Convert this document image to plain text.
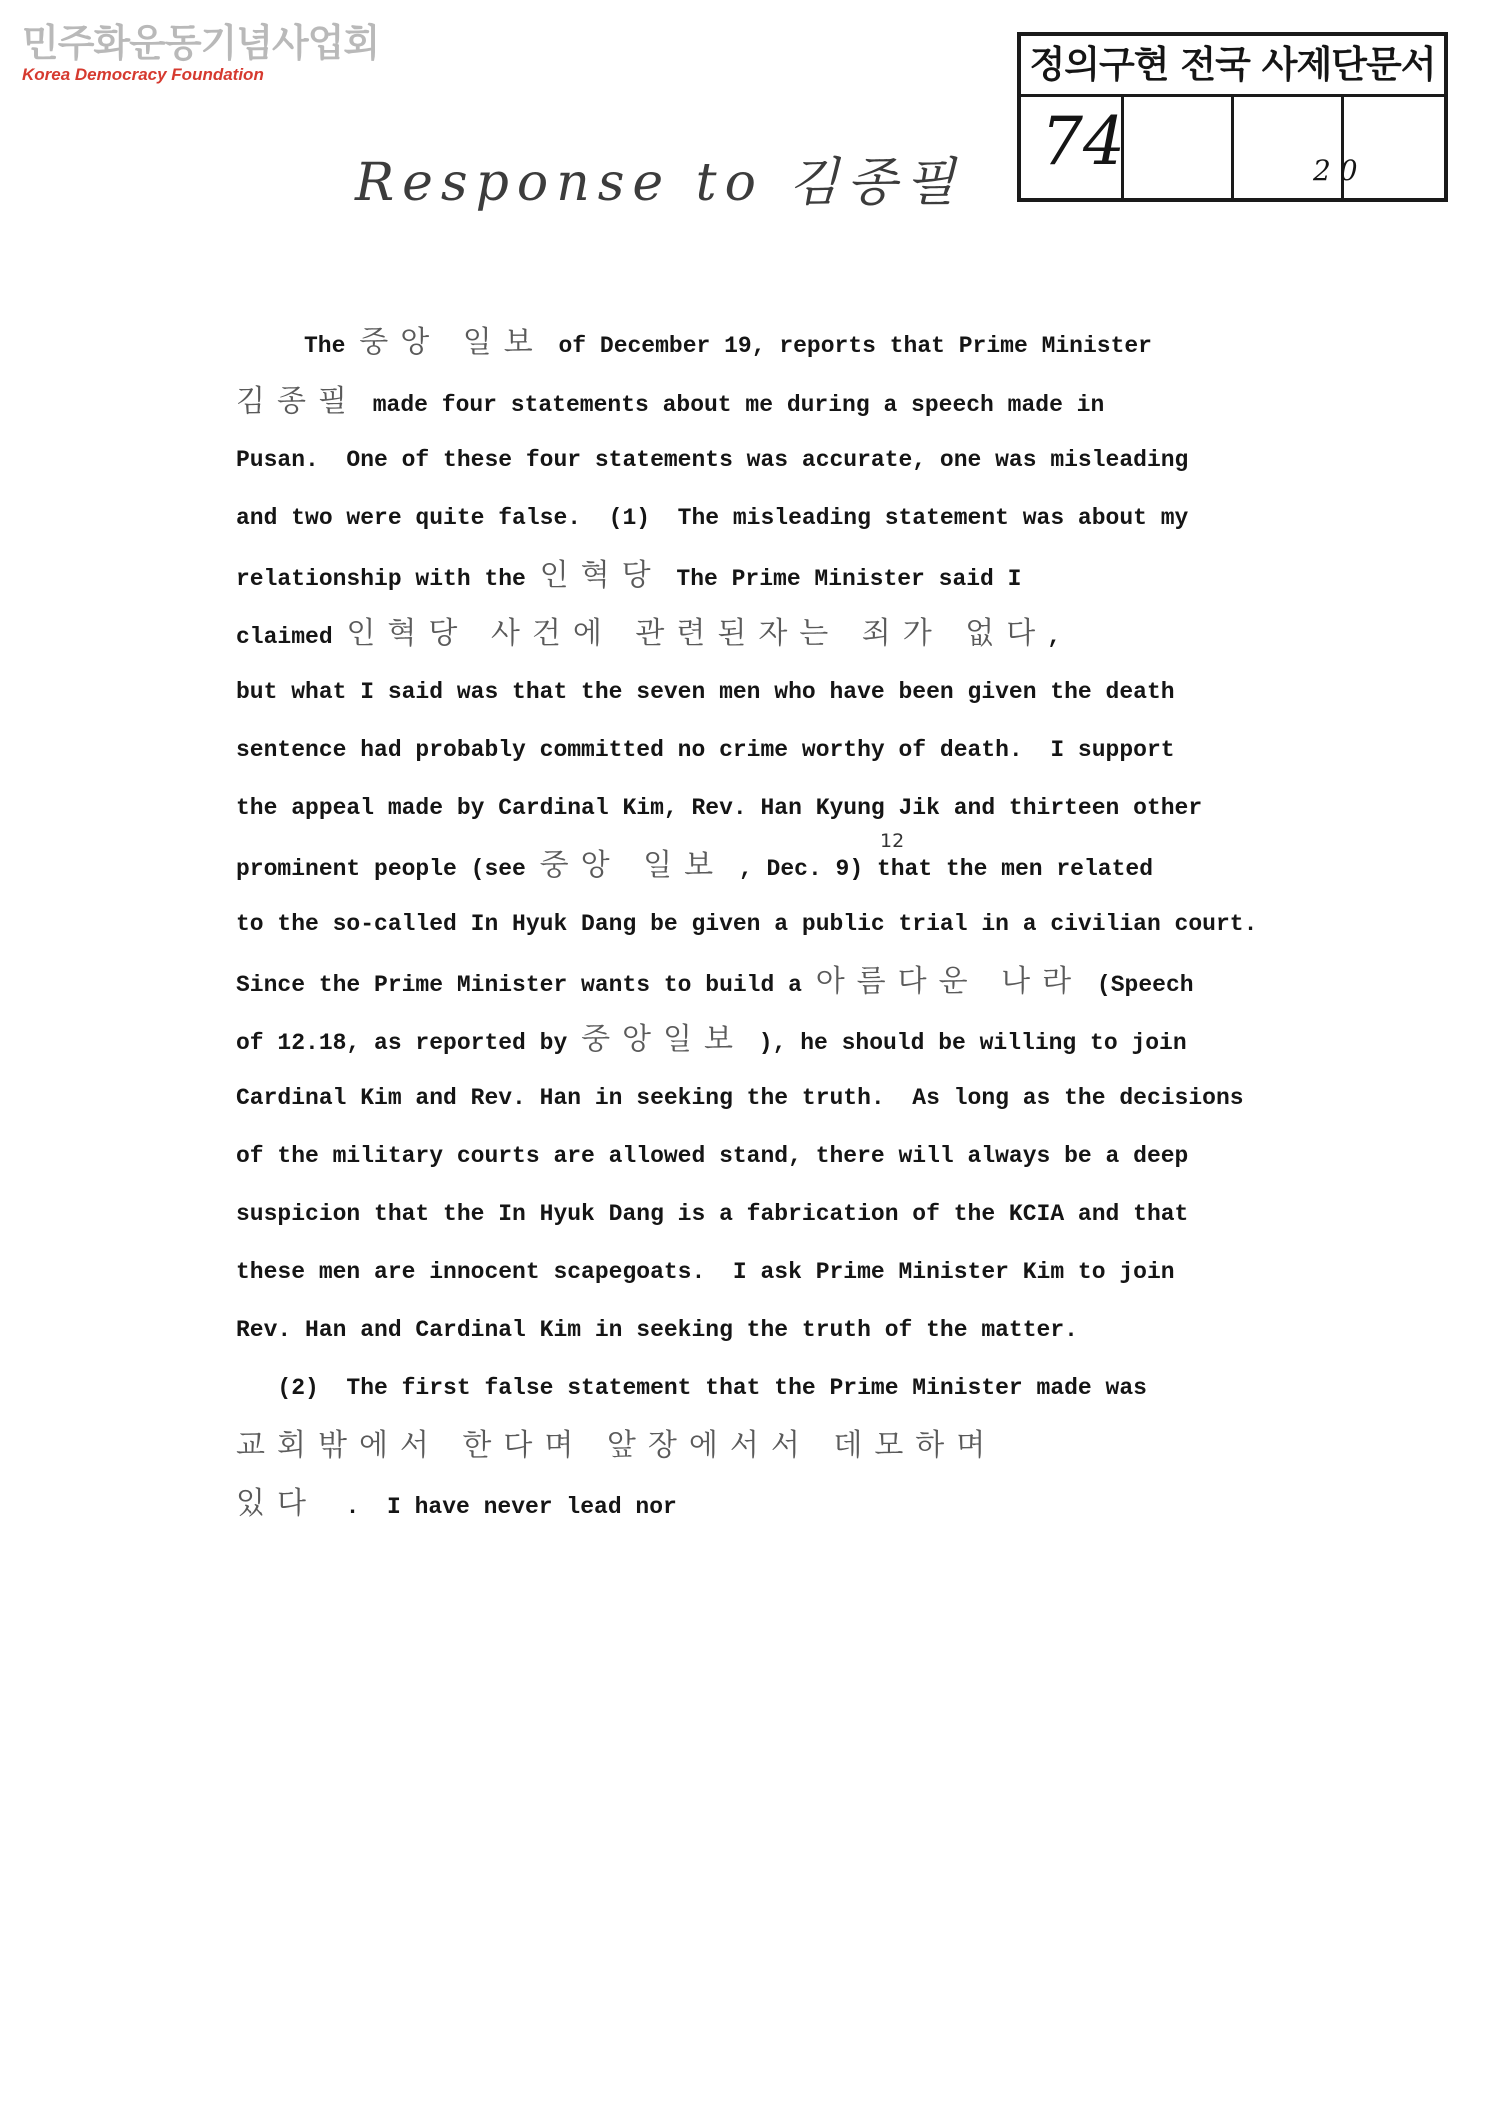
민주화운동기념사업회
Korea Democracy Foundation	정의구현 전국 사제단문서
74	2 0
Response to 김종필
12
The 중앙 일보 of December 19, reports that Prime Minister
김종필 made four statements about me during a speech made in
Pusan.  One of these four statements was accurate, one was misleading
and two were quite false.  (1)  The misleading statement was about my
relationship with the 인혁당 The Prime Minister said I
claimed 인혁당 사건에 관련된자는 죄가 없다,
but what I said was that the seven men who have been given the death
sentence had probably committed no crime worthy of death.  I support
the appeal made by Cardinal Kim, Rev. Han Kyung Jik and thirteen other
prominent people (see 중앙 일보 , Dec. 9) that the men related
to the so-called In Hyuk Dang be given a public trial in a civilian court.
Since the Prime Minister wants to build a 아름다운 나라 (Speech
of 12.18, as reported by 중앙일보 ), he should be willing to join
Cardinal Kim and Rev. Han in seeking the truth.  As long as the decisions
of the military courts are allowed stand, there will always be a deep
suspicion that the In Hyuk Dang is a fabrication of the KCIA and that
these men are innocent scapegoats.  I ask Prime Minister Kim to join
Rev. Han and Cardinal Kim in seeking the truth of the matter.
(2)  The first false statement that the Prime Minister made was
교회밖에서 한다며 앞장에서서 데모하며
있다  .  I have never lead nor
